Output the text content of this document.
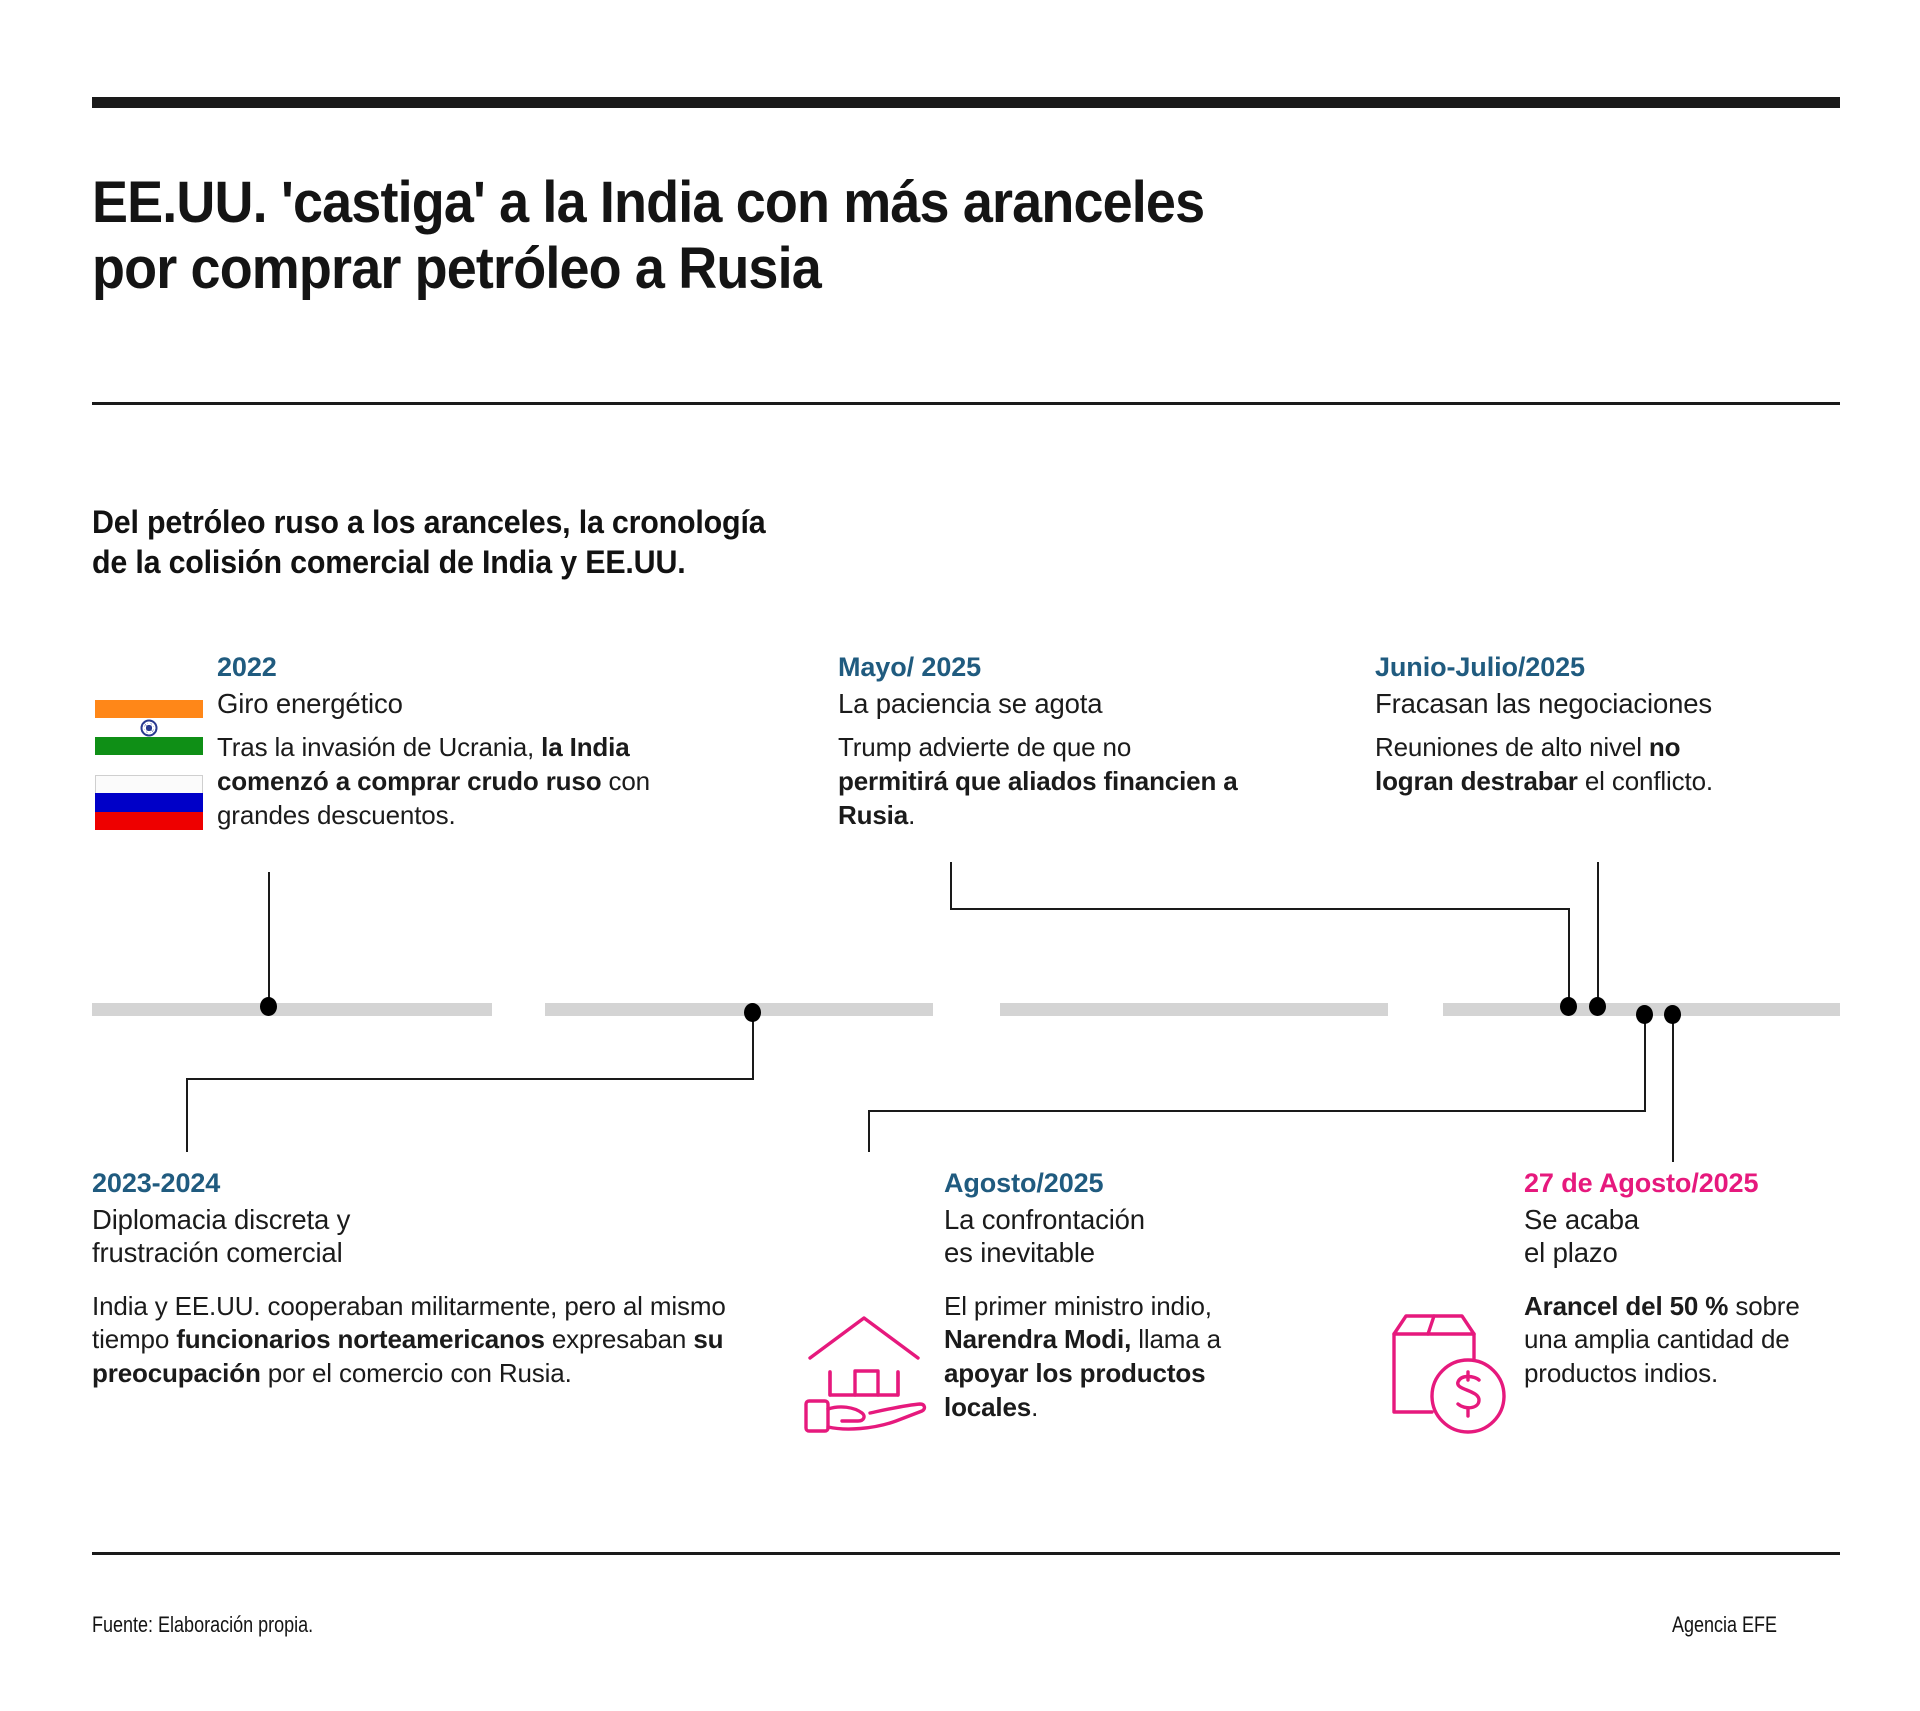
EE.UU. 'castiga' a la India con más aranceles
por comprar petróleo a Rusia
Del petróleo ruso a los aranceles, la cronología
de la colisión comercial de India y EE.UU.
2022
Giro energético
Tras la invasión de Ucrania, la India comenzó a comprar crudo ruso con grandes descuentos.
Mayo/ 2025
La paciencia se agota
Trump advierte de que no permitirá que aliados financien a Rusia.
Junio-Julio/2025
Fracasan las negociaciones
Reuniones de alto nivel no logran destrabar el conflicto.
2023-2024
Diplomacia discreta y
frustración comercial
India y EE.UU. cooperaban militarmente, pero al mismo tiempo funcionarios norteamericanos expresaban su preocupación por el comercio con Rusia.
Agosto/2025
La confrontación
es inevitable
El primer ministro indio, Narendra Modi, llama a apoyar los productos locales.
27 de Agosto/2025
Se acaba
el plazo
Arancel del 50 % sobre una amplia cantidad de productos indios.
Fuente: Elaboración propia.	Agencia EFE
